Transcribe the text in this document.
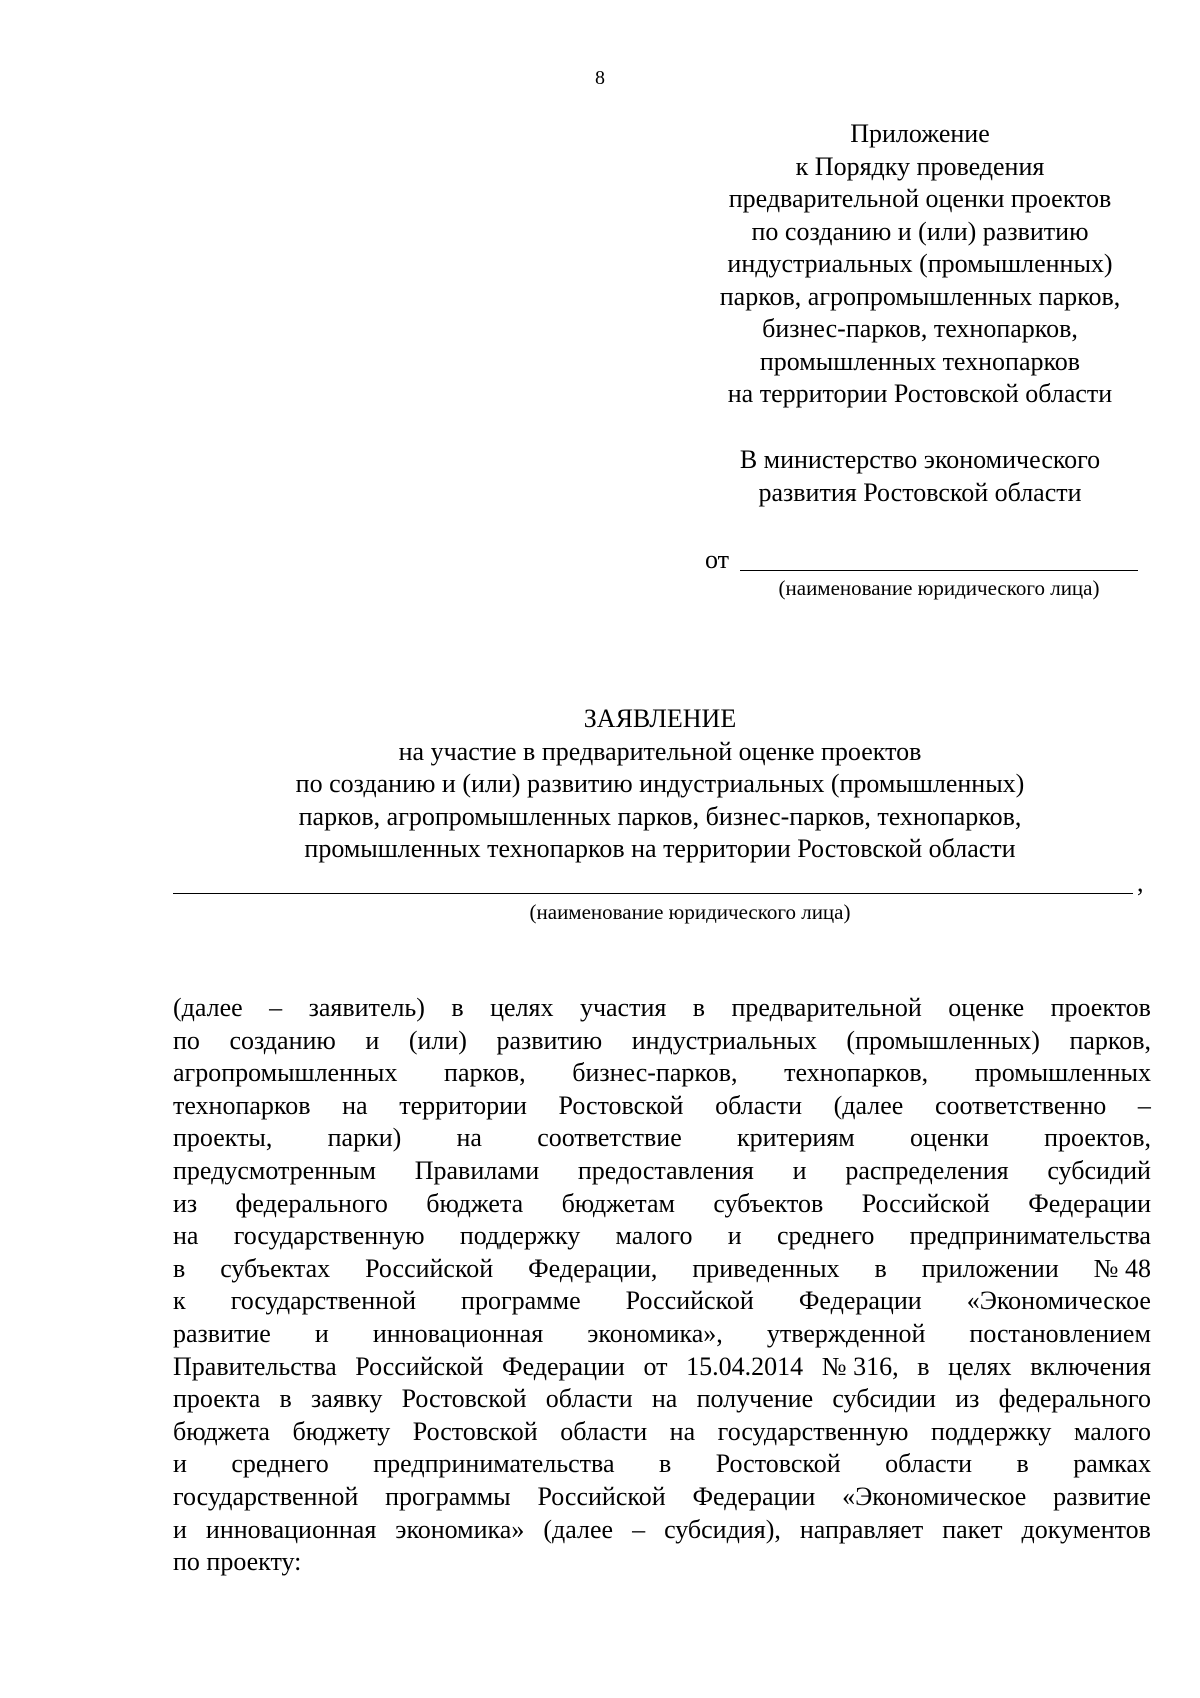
8
Приложение
к Порядку проведения
предварительной оценки проектов
по созданию и (или) развитию
индустриальных (промышленных)
парков, агропромышленных парков,
бизнес-парков, технопарков,
промышленных технопарков
на территории Ростовской области
В министерство экономического
развития Ростовской области
от
(наименование юридического лица)
ЗАЯВЛЕНИЕ
на участие в предварительной оценке проектов
по созданию и (или) развитию индустриальных (промышленных)
парков, агропромышленных парков, бизнес-парков, технопарков,
промышленных технопарков на территории Ростовской области
,
(наименование юридического лица)
(далее – заявитель) в целях участия в предварительной оценке проектов
по созданию и (или) развитию индустриальных (промышленных) парков,
агропромышленных парков, бизнес-парков, технопарков, промышленных
технопарков на территории Ростовской области (далее соответственно –
проекты, парки) на соответствие критериям оценки проектов,
предусмотренным Правилами предоставления и распределения субсидий
из федерального бюджета бюджетам субъектов Российской Федерации
на государственную поддержку малого и среднего предпринимательства
в субъектах Российской Федерации, приведенных в приложении № 48
к государственной программе Российской Федерации «Экономическое
развитие и инновационная экономика», утвержденной постановлением
Правительства Российской Федерации от 15.04.2014 № 316, в целях включения
проекта в заявку Ростовской области на получение субсидии из федерального
бюджета бюджету Ростовской области на государственную поддержку малого
и среднего предпринимательства в Ростовской области в рамках
государственной программы Российской Федерации «Экономическое развитие
и инновационная экономика» (далее – субсидия), направляет пакет документов
по проекту:
